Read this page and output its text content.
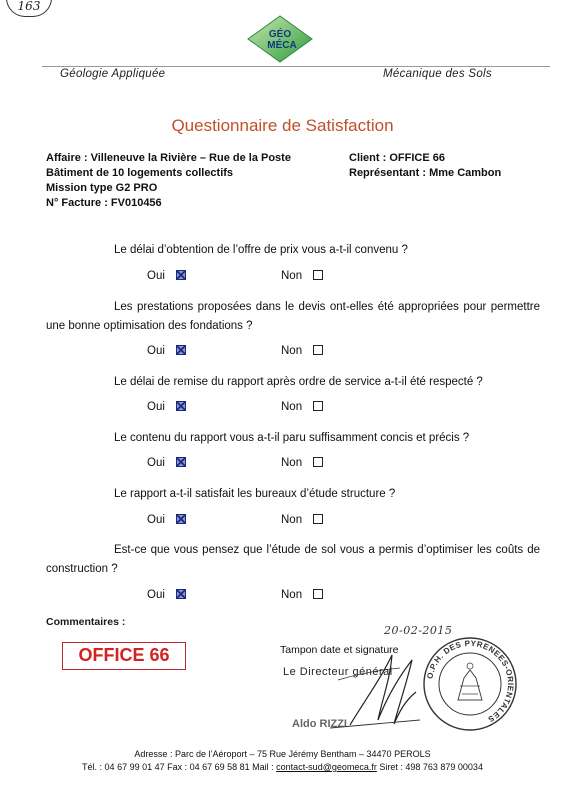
163
GÉO
MÉCA
Géologie Appliquée	Mécanique des Sols
Questionnaire de Satisfaction
Affaire : Villeneuve la Rivière – Rue de la Poste
Bâtiment de 10 logements collectifs
Mission type G2 PRO
N° Facture : FV010456
Client : OFFICE 66
Représentant : Mme Cambon
Le délai d’obtention de l’offre de prix vous a-t-il convenu ?
Oui	Non
Les prestations proposées dans le devis ont-elles été appropriées pour permettre une bonne optimisation des fondations ?
Oui	Non
Le délai de remise du rapport après ordre de service a-t-il été respecté ?
Oui	Non
Le contenu du rapport vous a-t-il paru suffisamment concis et précis ?
Oui	Non
Le rapport a-t-il satisfait les bureaux d’étude structure ?
Oui	Non
Est-ce que vous pensez que l’étude de sol vous a permis d’optimiser les coûts de construction ?
Oui	Non
Commentaires :
OFFICE 66
20-02-2015
Tampon date et signature
Le Directeur général
Aldo RIZZI
O.P.H. DES PYRENEES-ORIENTALES
Adresse : Parc de l’Aéroport – 75 Rue Jérémy Bentham – 34470 PEROLS
Tél. : 04 67 99 01 47 Fax : 04 67 69 58 81 Mail : contact-sud@geomeca.fr Siret : 498 763 879 00034
